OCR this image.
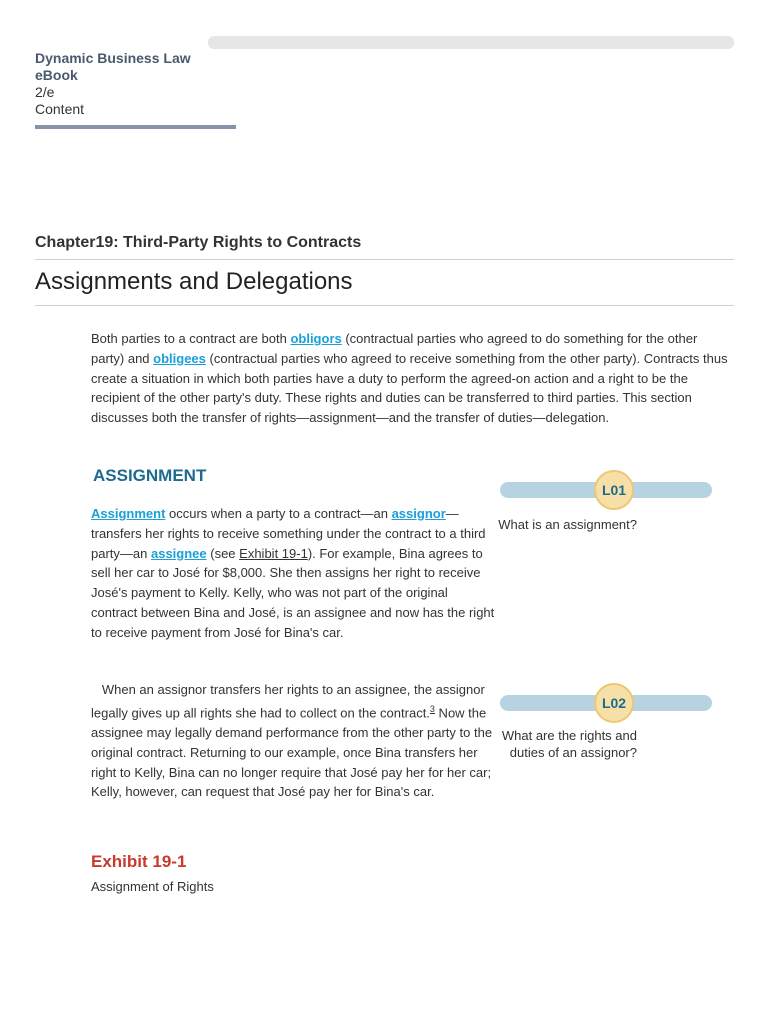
Dynamic Business Law eBook
2/e
Content
Chapter19: Third-Party Rights to Contracts
Assignments and Delegations
Both parties to a contract are both obligors (contractual parties who agreed to do something for the other party) and obligees (contractual parties who agreed to receive something from the other party). Contracts thus create a situation in which both parties have a duty to perform the agreed-on action and a right to be the recipient of the other party's duty. These rights and duties can be transferred to third parties. This section discusses both the transfer of rights—assignment—and the transfer of duties—delegation.
ASSIGNMENT
Assignment occurs when a party to a contract—an assignor—transfers her rights to receive something under the contract to a third party—an assignee (see Exhibit 19-1). For example, Bina agrees to sell her car to José for $8,000. She then assigns her right to receive José's payment to Kelly. Kelly, who was not part of the original contract between Bina and José, is an assignee and now has the right to receive payment from José for Bina's car.
When an assignor transfers her rights to an assignee, the assignor legally gives up all rights she had to collect on the contract.$^3$ Now the assignee may legally demand performance from the other party to the original contract. Returning to our example, once Bina transfers her right to Kelly, Bina can no longer require that José pay her for her car; Kelly, however, can request that José pay her for Bina's car.
L01
What is an assignment?
L02
What are the rights and duties of an assignor?
Exhibit 19-1
Assignment of Rights
